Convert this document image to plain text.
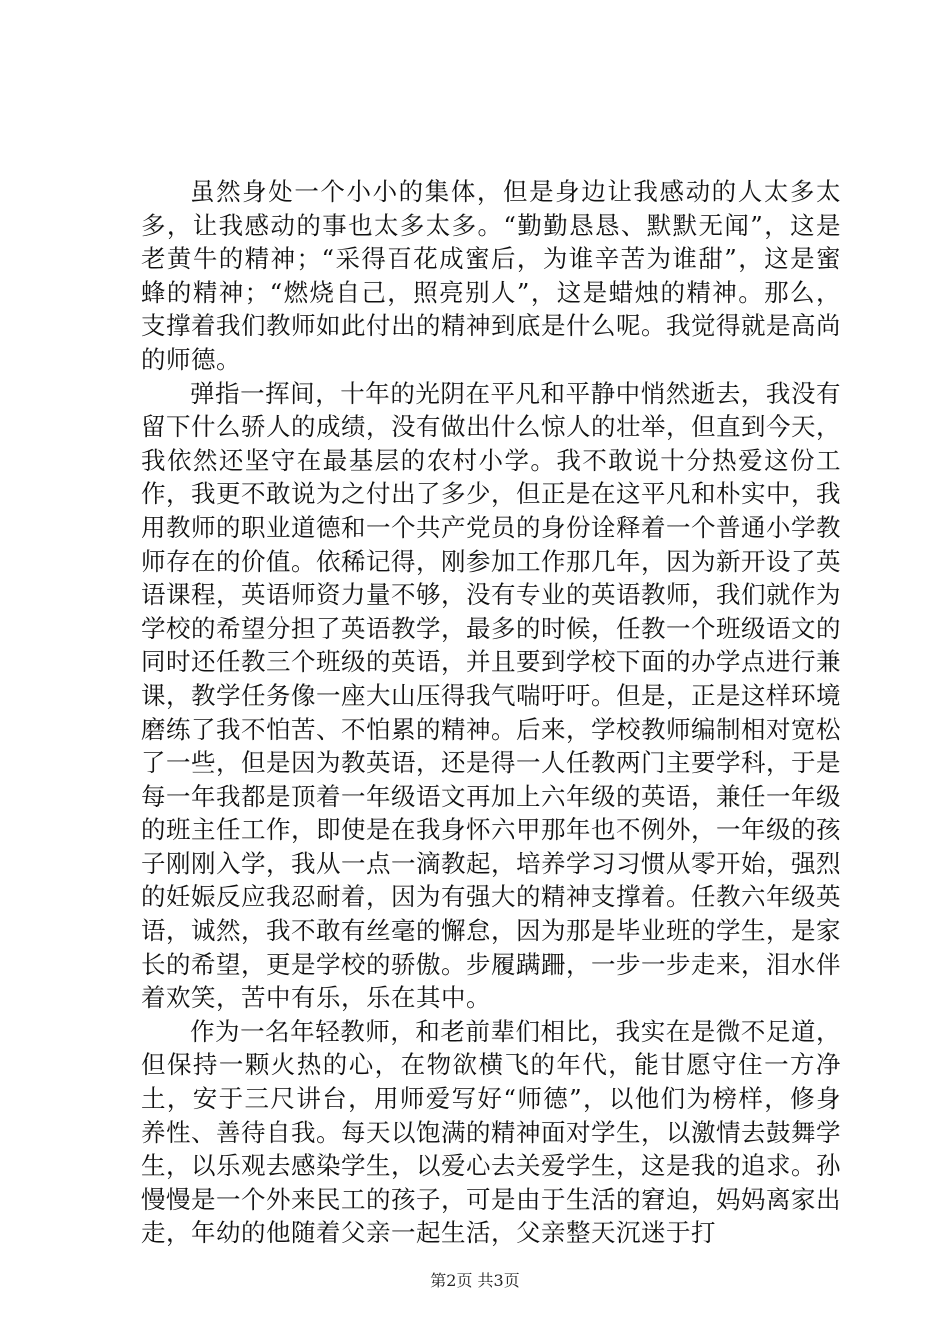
虽然身处一个小小的集体，但是身边让我感动的人太多太多，让我感动的事也太多太多。“勤勤恳恳、默默无闻”，这是老黄牛的精神；“采得百花成蜜后，为谁辛苦为谁甜”，这是蜜蜂的精神；“燃烧自己，照亮别人”，这是蜡烛的精神。那么，支撑着我们教师如此付出的精神到底是什么呢。我觉得就是高尚的师德。

弹指一挥间，十年的光阴在平凡和平静中悄然逝去，我没有留下什么骄人的成绩，没有做出什么惊人的壮举，但直到今天，我依然还坚守在最基层的农村小学。我不敢说十分热爱这份工作，我更不敢说为之付出了多少，但正是在这平凡和朴实中，我用教师的职业道德和一个共产党员的身份诠释着一个普通小学教师存在的价值。依稀记得，刚参加工作那几年，因为新开设了英语课程，英语师资力量不够，没有专业的英语教师，我们就作为学校的希望分担了英语教学，最多的时候，任教一个班级语文的同时还任教三个班级的英语，并且要到学校下面的办学点进行兼课，教学任务像一座大山压得我气喘吁吁。但是，正是这样环境磨练了我不怕苦、不怕累的精神。后来，学校教师编制相对宽松了一些，但是因为教英语，还是得一人任教两门主要学科，于是每一年我都是顶着一年级语文再加上六年级的英语，兼任一年级的班主任工作，即使是在我身怀六甲那年也不例外，一年级的孩子刚刚入学，我从一点一滴教起，培养学习习惯从零开始，强烈的妊娠反应我忍耐着，因为有强大的精神支撑着。任教六年级英语，诚然，我不敢有丝毫的懈怠，因为那是毕业班的学生，是家长的希望，更是学校的骄傲。步履蹒跚，一步一步走来，泪水伴着欢笑，苦中有乐，乐在其中。

作为一名年轻教师，和老前辈们相比，我实在是微不足道，但保持一颗火热的心，在物欲横飞的年代，能甘愿守住一方净土，安于三尺讲台，用师爱写好“师德”，以他们为榜样，修身养性、善待自我。每天以饱满的精神面对学生，以激情去鼓舞学生，以乐观去感染学生，以爱心去关爱学生，这是我的追求。孙慢慢是一个外来民工的孩子，可是由于生活的窘迫，妈妈离家出走，年幼的他随着父亲一起生活，父亲整天沉迷于打

第2页 共3页
